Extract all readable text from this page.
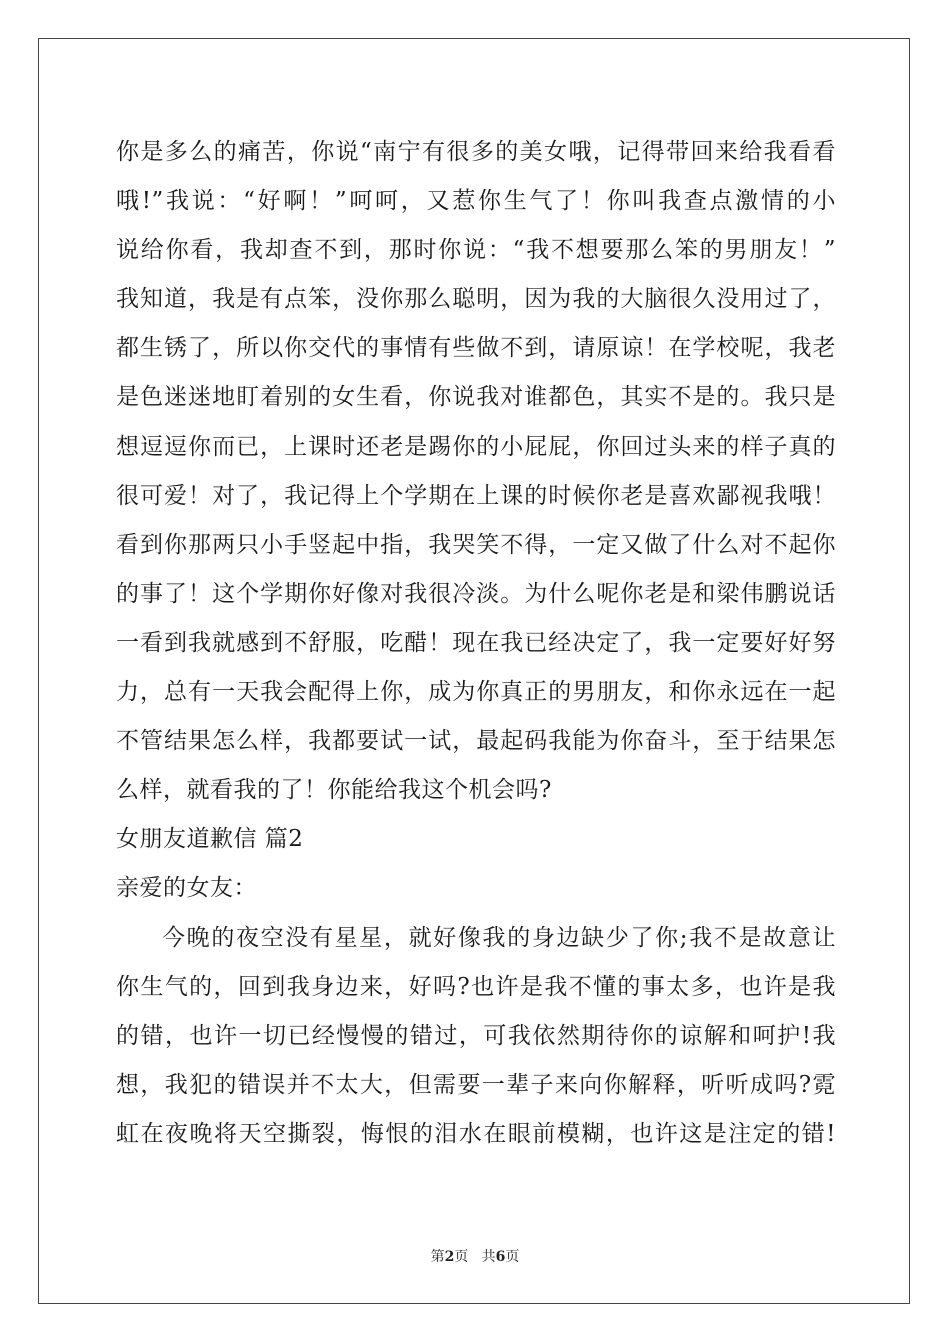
你是多么的痛苦，你说“南宁有很多的美女哦，记得带回来给我看看
哦!”我说：“好啊！”呵呵，又惹你生气了！你叫我查点激情的小
说给你看，我却查不到，那时你说：“我不想要那么笨的男朋友！”
我知道，我是有点笨，没你那么聪明，因为我的大脑很久没用过了，
都生锈了，所以你交代的事情有些做不到，请原谅！在学校呢，我老
是色迷迷地盯着别的女生看，你说我对谁都色，其实不是的。我只是
想逗逗你而已，上课时还老是踢你的小屁屁，你回过头来的样子真的
很可爱！对了，我记得上个学期在上课的时候你老是喜欢鄙视我哦！
看到你那两只小手竖起中指，我哭笑不得，一定又做了什么对不起你
的事了！这个学期你好像对我很冷淡。为什么呢你老是和梁伟鹏说话
一看到我就感到不舒服，吃醋！现在我已经决定了，我一定要好好努
力，总有一天我会配得上你，成为你真正的男朋友，和你永远在一起
不管结果怎么样，我都要试一试，最起码我能为你奋斗，至于结果怎
么样，就看我的了！你能给我这个机会吗?
女朋友道歉信 篇2
亲爱的女友：
今晚的夜空没有星星，就好像我的身边缺少了你;我不是故意让
你生气的，回到我身边来，好吗?也许是我不懂的事太多，也许是我
的错，也许一切已经慢慢的错过，可我依然期待你的谅解和呵护!我
想，我犯的错误并不太大，但需要一辈子来向你解释，听听成吗?霓
虹在夜晚将天空撕裂，悔恨的泪水在眼前模糊，也许这是注定的错!
第2页 共6页
